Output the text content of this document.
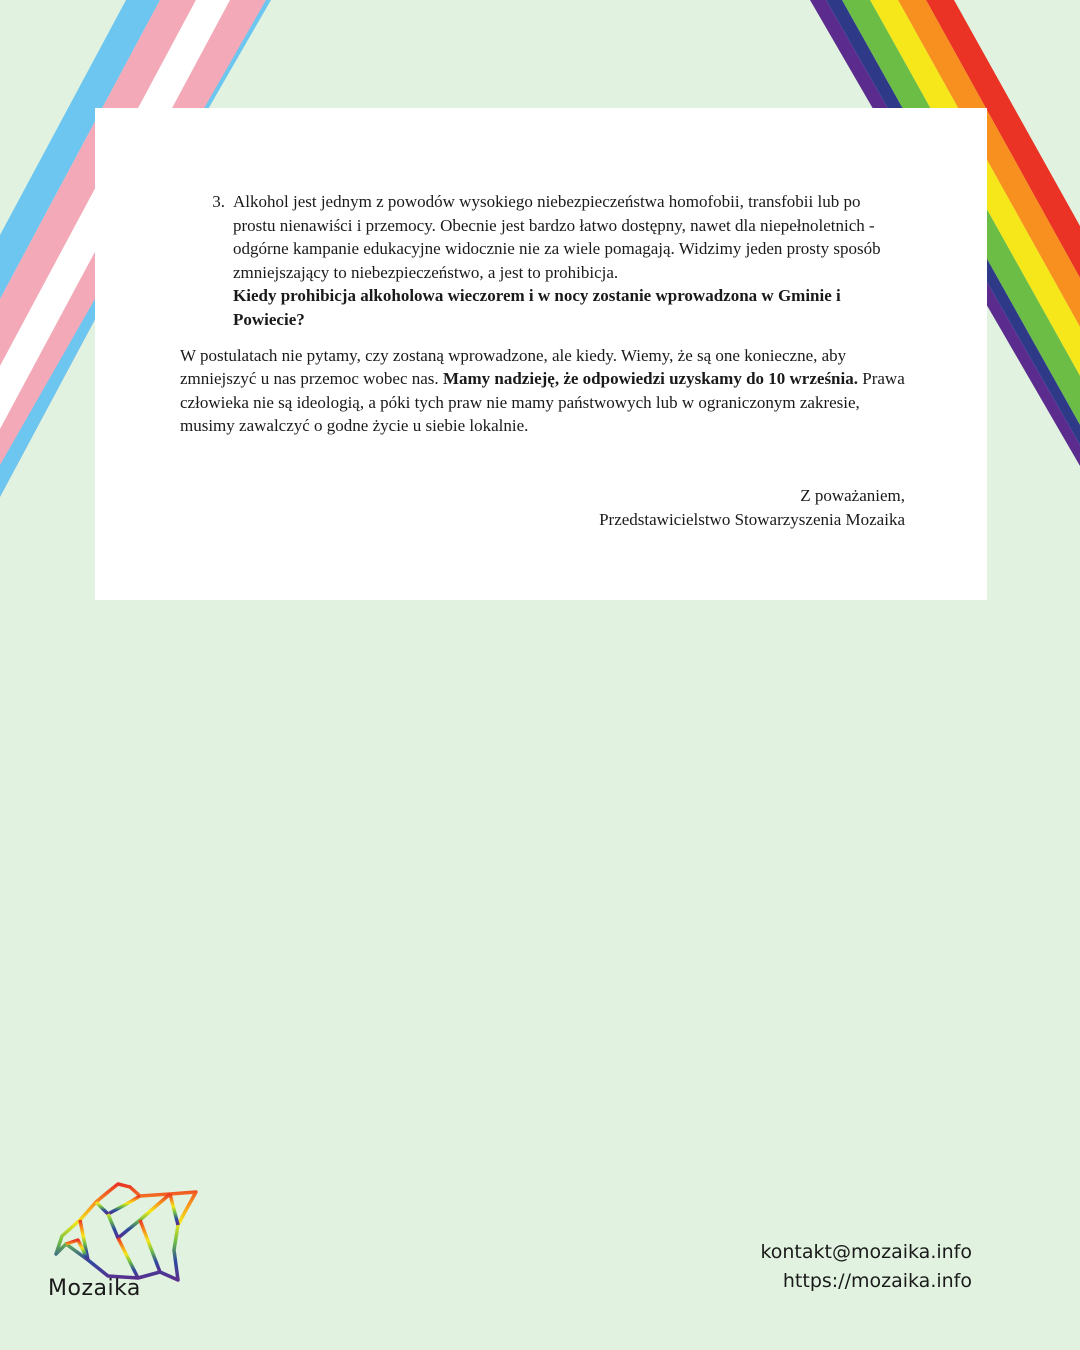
3. Alkohol jest jednym z powodów wysokiego niebezpieczeństwa homofobii, transfobii lub po prostu nienawiści i przemocy. Obecnie jest bardzo łatwo dostępny, nawet dla niepełnoletnich - odgórne kampanie edukacyjne widocznie nie za wiele pomagają. Widzimy jeden prosty sposób zmniejszający to niebezpieczeństwo, a jest to prohibicja.
Kiedy prohibicja alkoholowa wieczorem i w nocy zostanie wprowadzona w Gminie i Powiecie?
W postulatach nie pytamy, czy zostaną wprowadzone, ale kiedy. Wiemy, że są one konieczne, aby zmniejszyć u nas przemoc wobec nas. Mamy nadzieję, że odpowiedzi uzyskamy do 10 września. Prawa człowieka nie są ideologią, a póki tych praw nie mamy państwowych lub w ograniczonym zakresie, musimy zawalczyć o godne życie u siebie lokalnie.
Z poważaniem,
Przedstawicielstwo Stowarzyszenia Mozaika
Mozaika
kontakt@mozaika.info
https://mozaika.info
